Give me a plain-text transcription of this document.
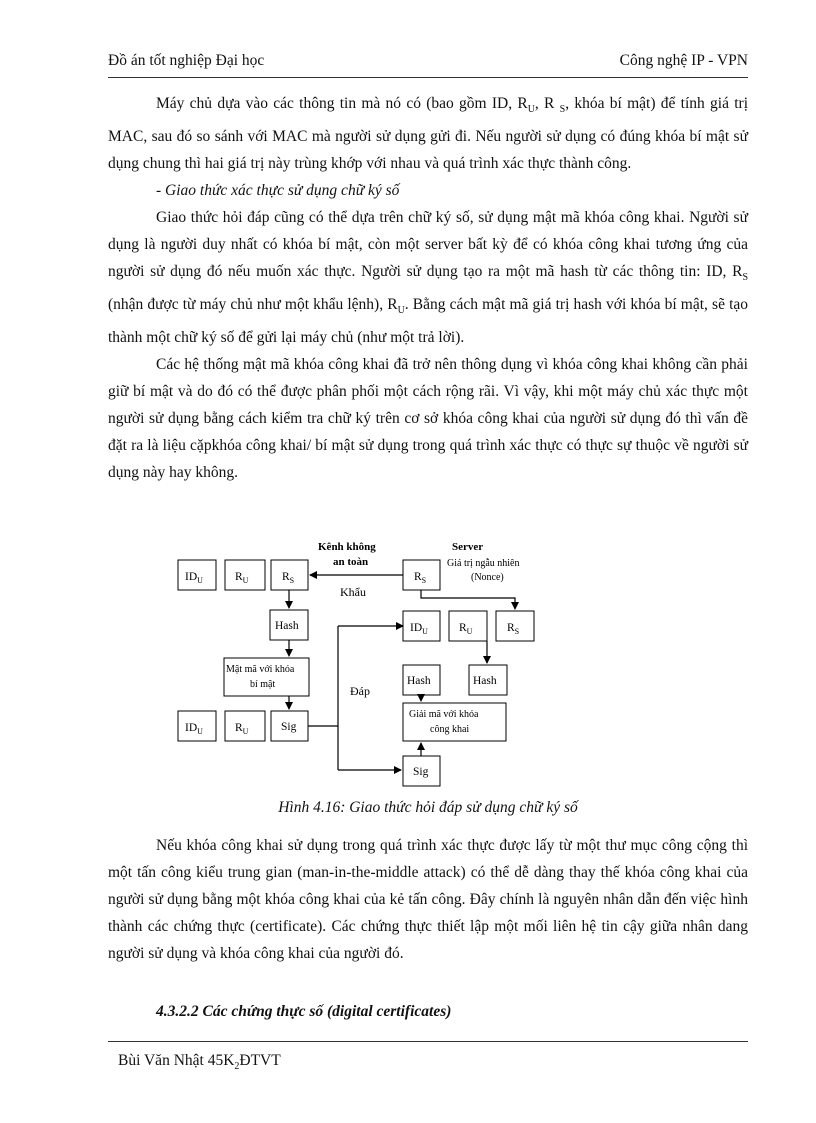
Đồ án tốt nghiệp Đại học	Công nghệ IP - VPN

Máy chủ dựa vào các thông tin mà nó có (bao gồm ID, $R_U$, R $_S$, khóa bí mật) để tính giá trị MAC, sau đó so sánh với MAC mà người sử dụng gửi đi. Nếu người sử dụng có đúng khóa bí mật sử dụng chung thì hai giá trị này trùng khớp với nhau và quá trình xác thực thành công.

- Giao thức xác thực sử dụng chữ ký số

Giao thức hỏi đáp cũng có thể dựa trên chữ ký số, sử dụng mật mã khóa công khai. Người sử dụng là người duy nhất có khóa bí mật, còn một server bất kỳ để có khóa công khai tương ứng của người sử dụng đó nếu muốn xác thực. Người sử dụng tạo ra một mã hash từ các thông tin: ID, $R_S$ (nhận được từ máy chủ như một khẩu lệnh), $R_U$. Bằng cách mật mã giá trị hash với khóa bí mật, sẽ tạo thành một chữ ký số để gửi lại máy chủ (như một trả lời).

Các hệ thống mật mã khóa công khai đã trở nên thông dụng vì khóa công khai không cần phải giữ bí mật và do đó có thể được phân phối một cách rộng rãi. Vì vậy, khi một máy chủ xác thực một người sử dụng bằng cách kiểm tra chữ ký trên cơ sở khóa công khai của người sử dụng đó thì vấn đề đặt ra là liệu cặpkhóa công khai/ bí mật sử dụng trong quá trình xác thực có thực sự thuộc về người sử dụng này hay không.

Kênh không
an toàn
Server
Giá trị ngẫu nhiên
(Nonce)
Khẩu
Đáp
$ID_U$	$R_U$	$R_S$	$R_S$
Hash	$ID_U$	$R_U$	$R_S$
Mật mã với khóa
bí mật	Hash	Hash
Giải mã với khóa
công khai
$ID_U$	$R_U$	Sig
Sig
Hình 4.16: Giao thức hỏi đáp sử dụng chữ ký số

Nếu khóa công khai sử dụng trong quá trình xác thực được lấy từ một thư mục công cộng thì một tấn công kiểu trung gian (man-in-the-middle attack) có thể dễ dàng thay thế khóa công khai của người sử dụng bằng một khóa công khai của kẻ tấn công. Đây chính là nguyên nhân dẫn đến việc hình thành các chứng thực (certificate). Các chứng thực thiết lập một mối liên hệ tin cậy giữa nhân dang người sử dụng và khóa công khai của người đó.

4.3.2.2 Các chứng thực số (digital certificates)
Bùi Văn Nhật $45K_2ĐTVT$
